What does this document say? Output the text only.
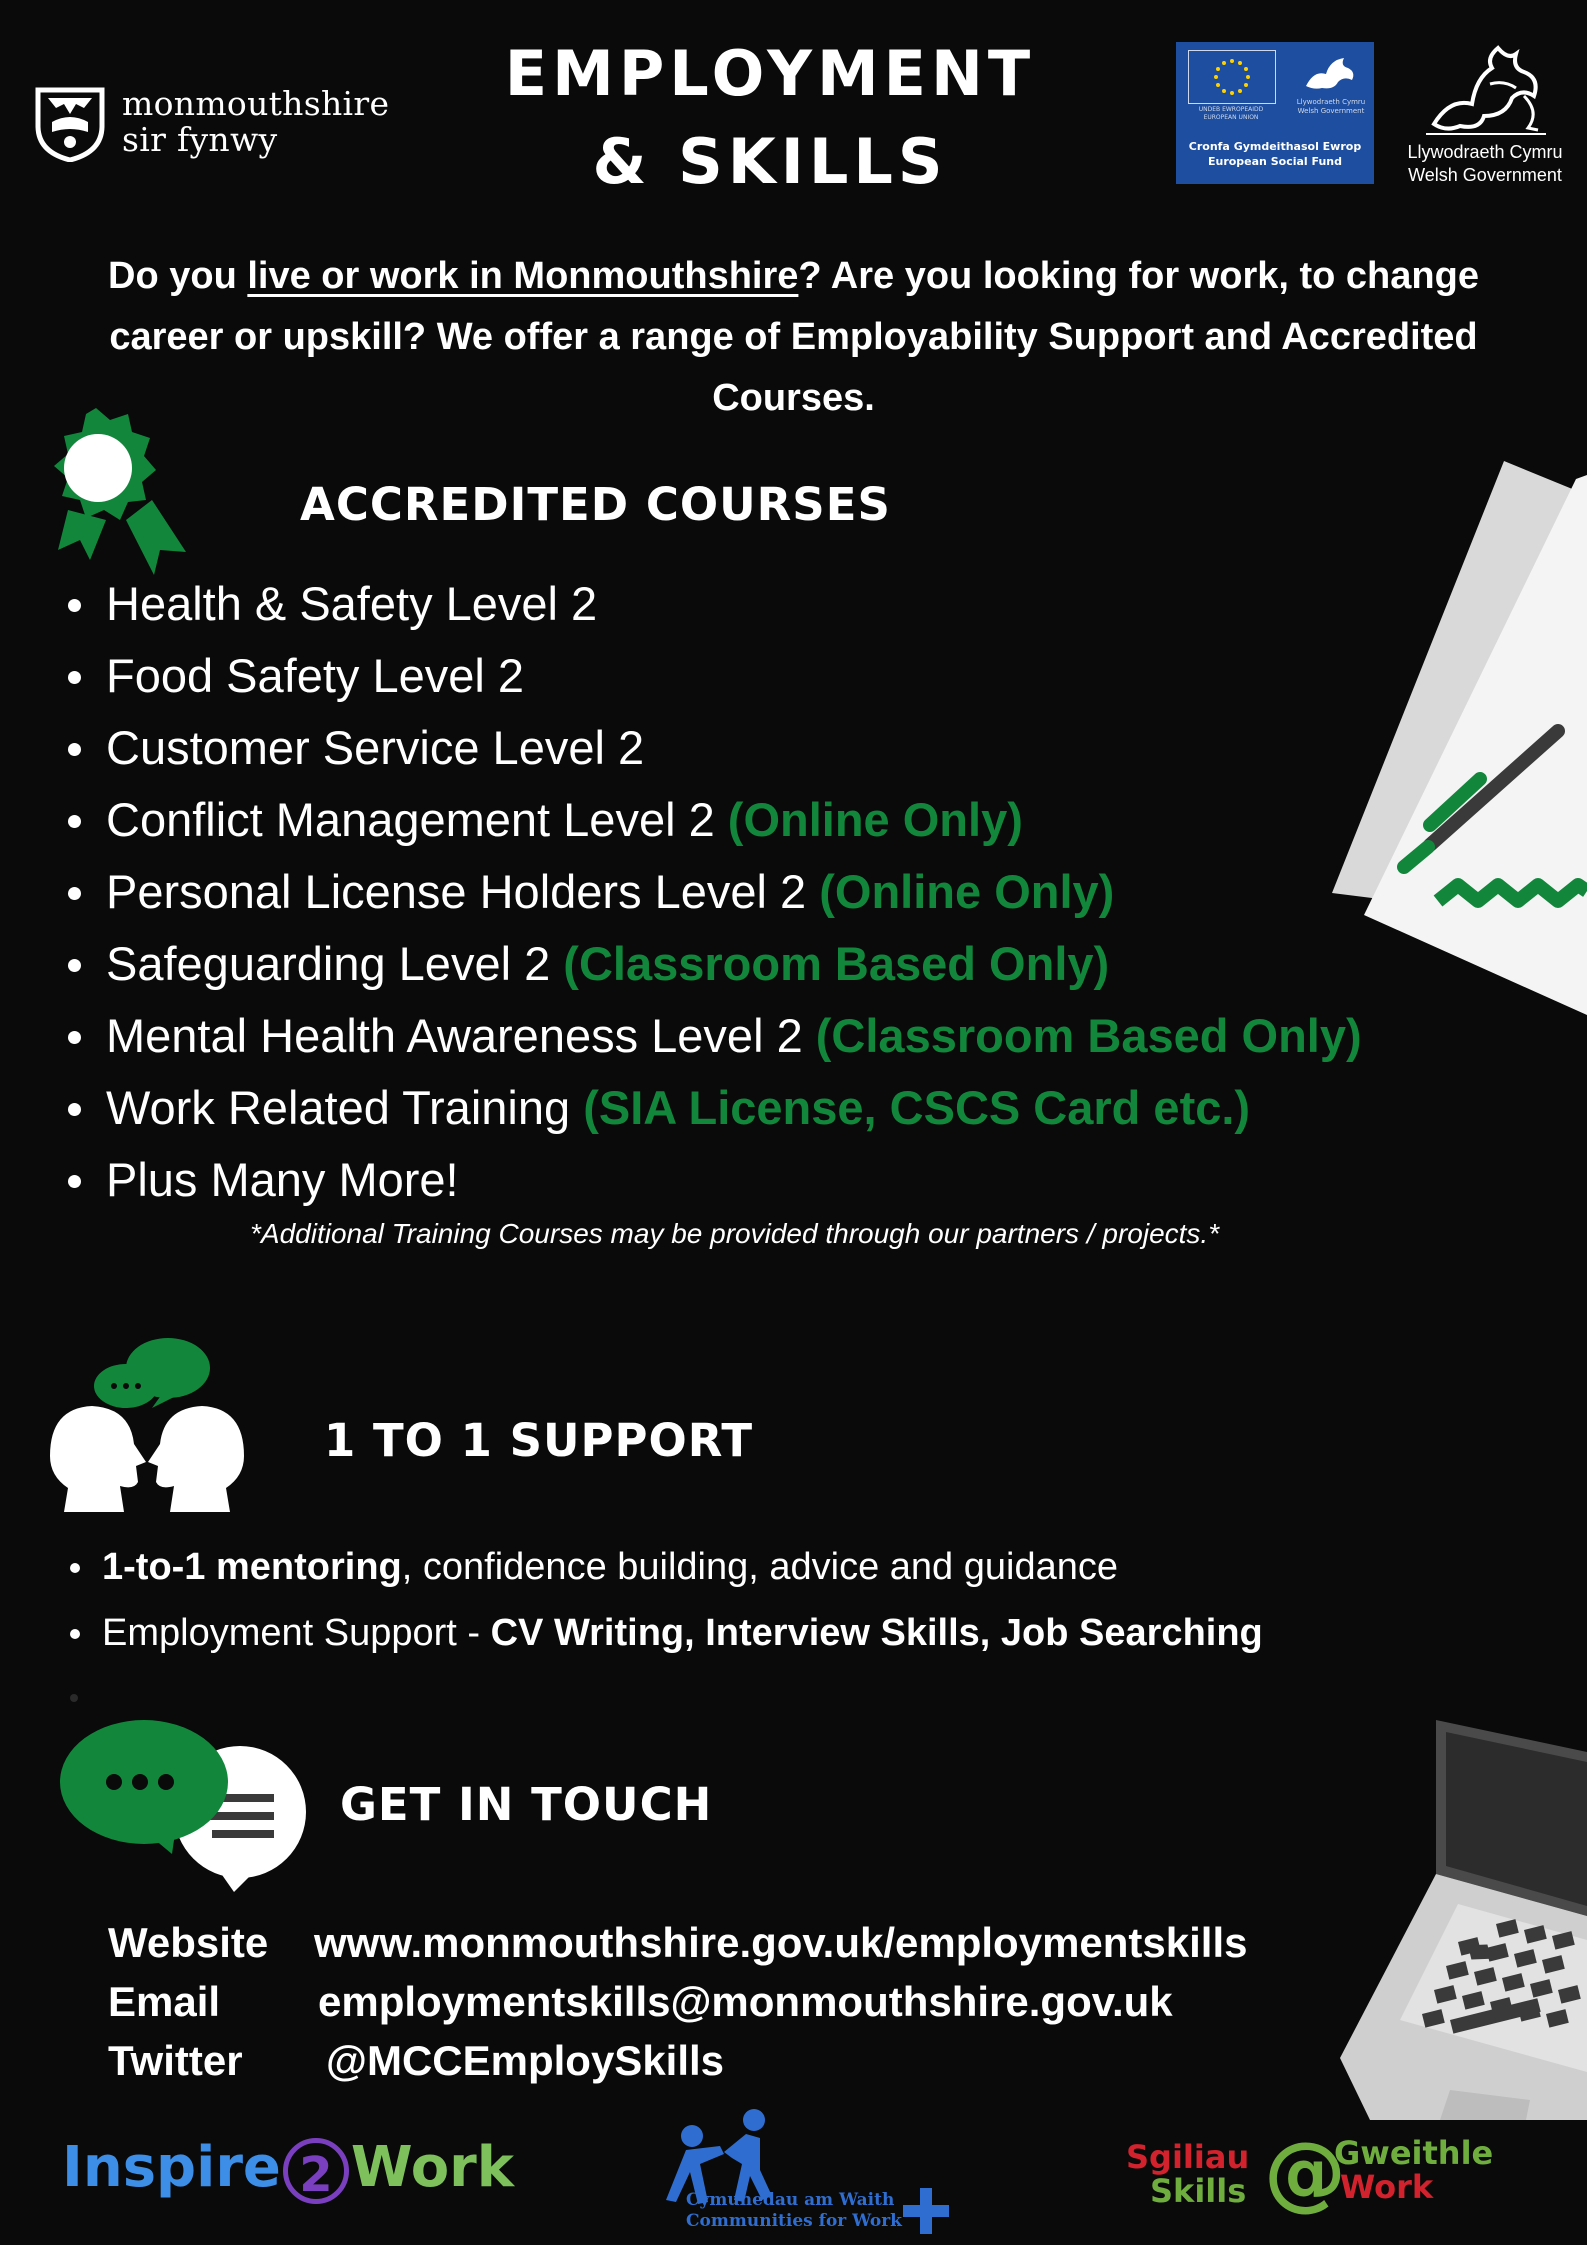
monmouthshire
sir fynwy
EMPLOYMENT
& SKILLS
UNDEB EWROPEAIDD EUROPEAN UNION
Llywodraeth Cymru Welsh Government
Cronfa Gymdeithasol Ewrop
European Social Fund	Llywodraeth Cymru
Welsh Government
Do you live or work in Monmouthshire? Are you looking for work, to change career or upskill? We offer a range of Employability Support and Accredited Courses.
ACCREDITED COURSES
Health & Safety Level 2
Food Safety Level 2
Customer Service Level 2
Conflict Management Level 2 (Online Only)
Personal License Holders Level 2 (Online Only)
Safeguarding Level 2 (Classroom Based Only)
Mental Health Awareness Level 2 (Classroom Based Only)
Work Related Training (SIA License, CSCS Card etc.)
Plus Many More!
*Additional Training Courses may be provided through our partners / projects.*
1 TO 1 SUPPORT
1-to-1 mentoring, confidence building, advice and guidance
Employment Support - CV Writing, Interview Skills, Job Searching
GET IN TOUCH
Website www.monmouthshire.gov.uk/employmentskills
Email employmentskills@monmouthshire.gov.uk
Twitter @MCCEmploySkills
Inspire 2 Work	Cymunedau am Waith
Communities for Work
Sgiliau
Skills @
Gweithle
Work
